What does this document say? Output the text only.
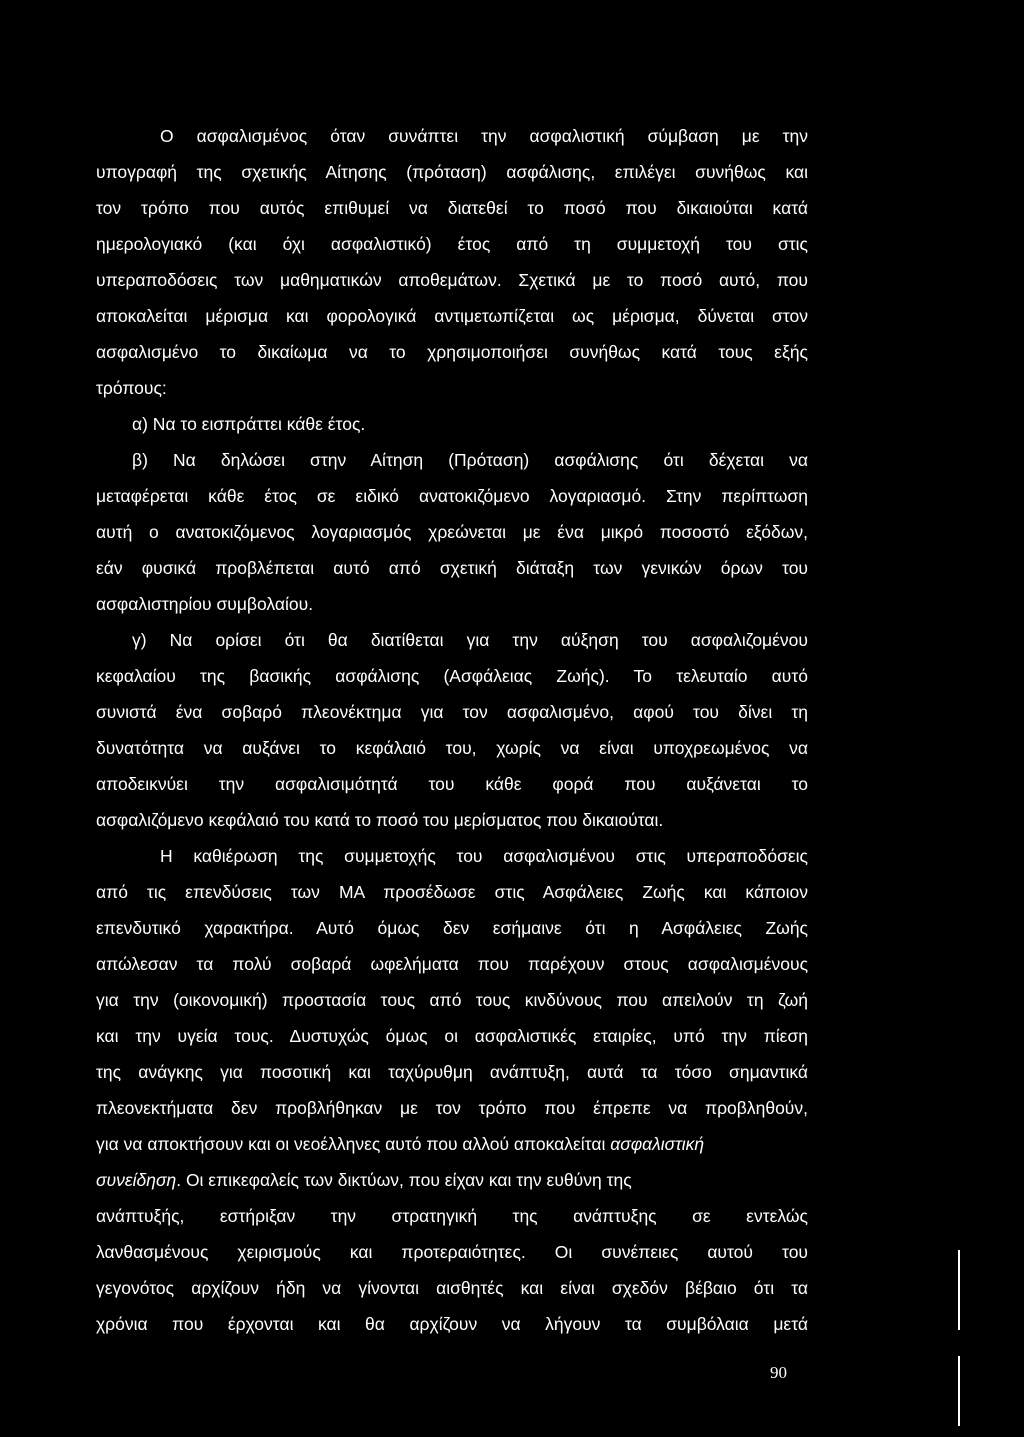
Ο ασφαλισμένος όταν συνάπτει την ασφαλιστική σύμβαση με την
υπογραφή της σχετικής Αίτησης (πρόταση) ασφάλισης, επιλέγει συνήθως και
τον τρόπο που αυτός επιθυμεί να διατεθεί το ποσό που δικαιούται κατά
ημερολογιακό (και όχι ασφαλιστικό) έτος από τη συμμετοχή του στις
υπεραποδόσεις των μαθηματικών αποθεμάτων. Σχετικά με το ποσό αυτό, που
αποκαλείται μέρισμα και φορολογικά αντιμετωπίζεται ως μέρισμα, δύνεται στον
ασφαλισμένο το δικαίωμα να το χρησιμοποιήσει συνήθως κατά τους εξής
τρόπους:
α) Να το εισπράττει κάθε έτος.
β) Να δηλώσει στην Αίτηση (Πρόταση) ασφάλισης ότι δέχεται να
μεταφέρεται κάθε έτος σε ειδικό ανατοκιζόμενο λογαριασμό. Στην περίπτωση
αυτή ο ανατοκιζόμενος λογαριασμός χρεώνεται με ένα μικρό ποσοστό εξόδων,
εάν φυσικά προβλέπεται αυτό από σχετική διάταξη των γενικών όρων του
ασφαλιστηρίου συμβολαίου.
γ) Να ορίσει ότι θα διατίθεται για την αύξηση του ασφαλιζομένου
κεφαλαίου της βασικής ασφάλισης (Ασφάλειας Ζωής). Το τελευταίο αυτό
συνιστά ένα σοβαρό πλεονέκτημα για τον ασφαλισμένο, αφού του δίνει τη
δυνατότητα να αυξάνει το κεφάλαιό του, χωρίς να είναι υποχρεωμένος να
αποδεικνύει την ασφαλισιμότητά του κάθε φορά που αυξάνεται το
ασφαλιζόμενο κεφάλαιό του κατά το ποσό του μερίσματος που δικαιούται.
Η καθιέρωση της συμμετοχής του ασφαλισμένου στις υπεραποδόσεις
από τις επενδύσεις των ΜΑ προσέδωσε στις Ασφάλειες Ζωής και κάποιον
επενδυτικό χαρακτήρα. Αυτό όμως δεν εσήμαινε ότι η Ασφάλειες Ζωής
απώλεσαν τα πολύ σοβαρά ωφελήματα που παρέχουν στους ασφαλισμένους
για την (οικονομική) προστασία τους από τους κινδύνους που απειλούν τη ζωή
και την υγεία τους. Δυστυχώς όμως οι ασφαλιστικές εταιρίες, υπό την πίεση
της ανάγκης για ποσοτική και ταχύρυθμη ανάπτυξη, αυτά τα τόσο σημαντικά
πλεονεκτήματα δεν προβλήθηκαν με τον τρόπο που έπρεπε να προβληθούν,
για να αποκτήσουν και οι νεοέλληνες αυτό που αλλού αποκαλείται ασφαλιστική
συνείδηση. Οι επικεφαλείς των δικτύων, που είχαν και την ευθύνη της
ανάπτυξής, εστήριξαν την στρατηγική της ανάπτυξης σε εντελώς
λανθασμένους χειρισμούς και προτεραιότητες. Οι συνέπειες αυτού του
γεγονότος αρχίζουν ήδη να γίνονται αισθητές και είναι σχεδόν βέβαιο ότι τα
χρόνια που έρχονται και θα αρχίζουν να λήγουν τα συμβόλαια μετά
90
